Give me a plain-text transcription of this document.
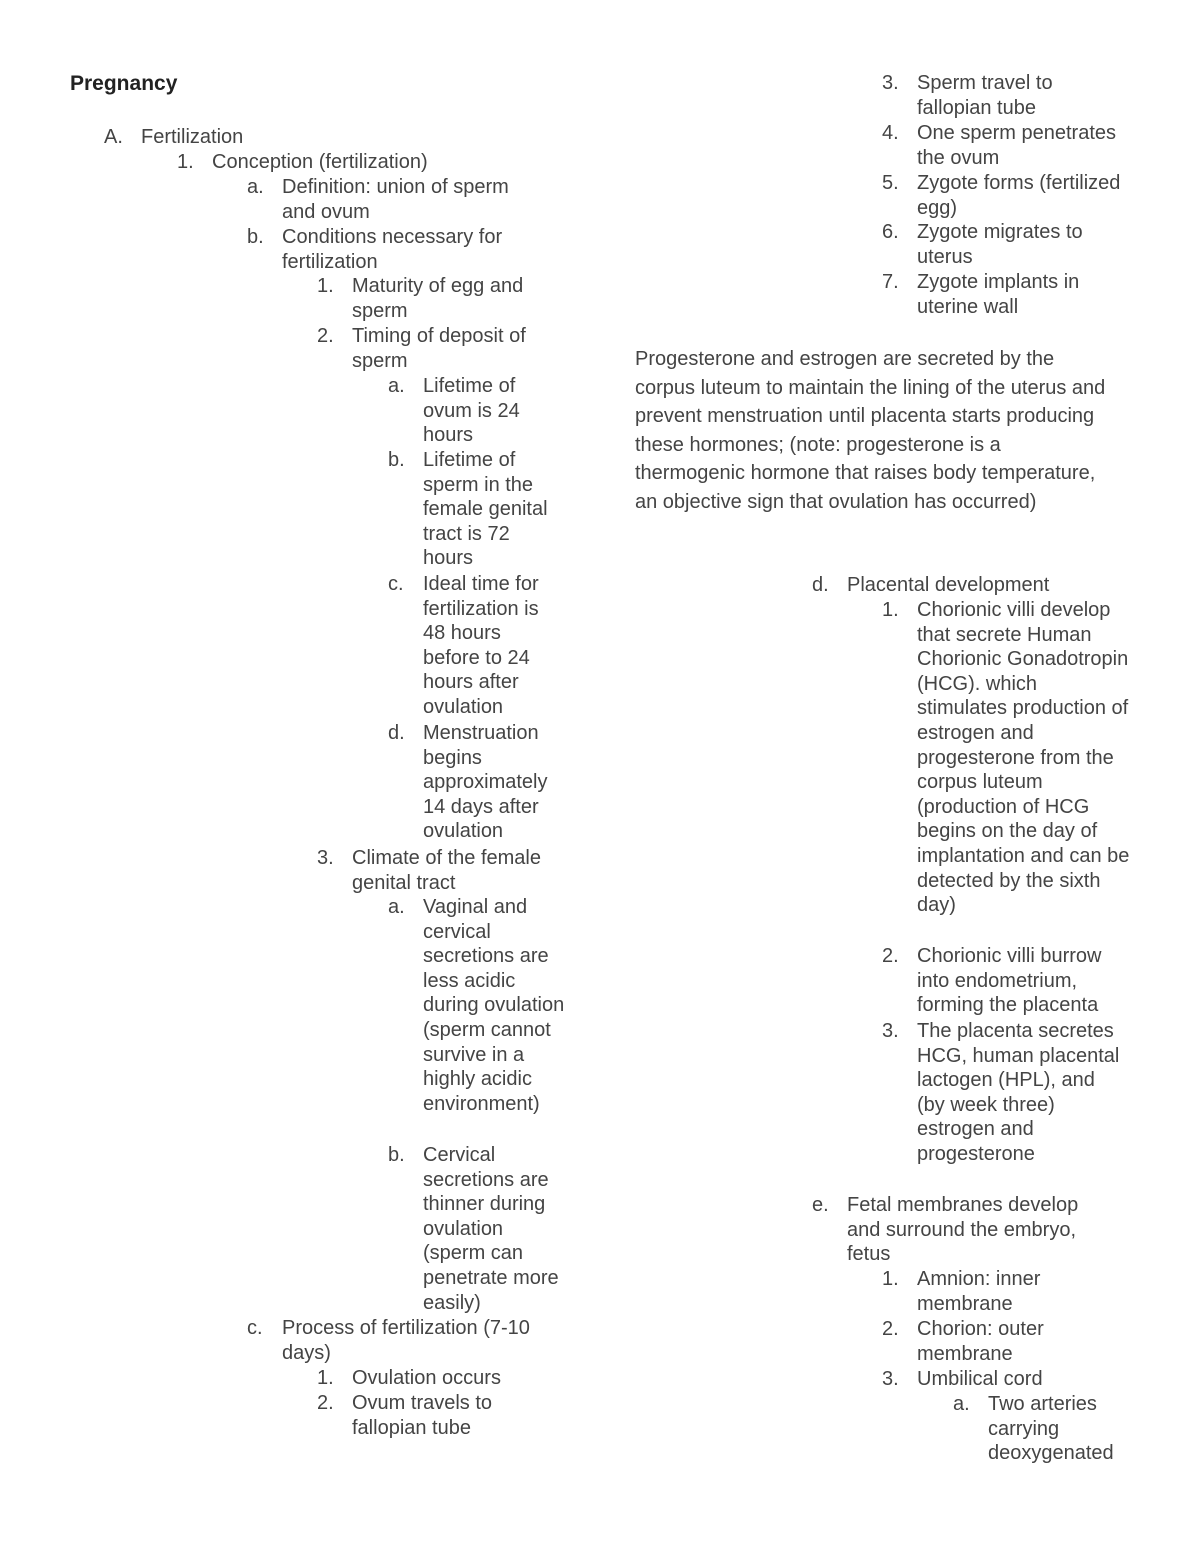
Pregnancy
A. Fertilization
1. Conception (fertilization)
a. Definition: union of sperm and ovum
b. Conditions necessary for fertilization
1. Maturity of egg and sperm
2. Timing of deposit of sperm
a. Lifetime of ovum is 24 hours
b. Lifetime of sperm in the female genital tract is 72 hours
c. Ideal time for fertilization is 48 hours before to 24 hours after ovulation
d. Menstruation begins approximately 14 days after ovulation
3. Climate of the female genital tract
a. Vaginal and cervical secretions are less acidic during ovulation (sperm cannot survive in a highly acidic environment)
b. Cervical secretions are thinner during ovulation (sperm can penetrate more easily)
c. Process of fertilization (7-10 days)
1. Ovulation occurs
2. Ovum travels to fallopian tube
3. Sperm travel to fallopian tube
4. One sperm penetrates the ovum
5. Zygote forms (fertilized egg)
6. Zygote migrates to uterus
7. Zygote implants in uterine wall

Progesterone and estrogen are secreted by the corpus luteum to maintain the lining of the uterus and prevent menstruation until placenta starts producing these hormones; (note: progesterone is a thermogenic hormone that raises body temperature, an objective sign that ovulation has occurred)

d. Placental development
1. Chorionic villi develop that secrete Human Chorionic Gonadotropin (HCG). which stimulates production of estrogen and progesterone from the corpus luteum (production of HCG begins on the day of implantation and can be detected by the sixth day)
2. Chorionic villi burrow into endometrium, forming the placenta
3. The placenta secretes HCG, human placental lactogen (HPL), and (by week three) estrogen and progesterone
e. Fetal membranes develop and surround the embryo, fetus
1. Amnion: inner membrane
2. Chorion: outer membrane
3. Umbilical cord
a. Two arteries carrying deoxygenated
